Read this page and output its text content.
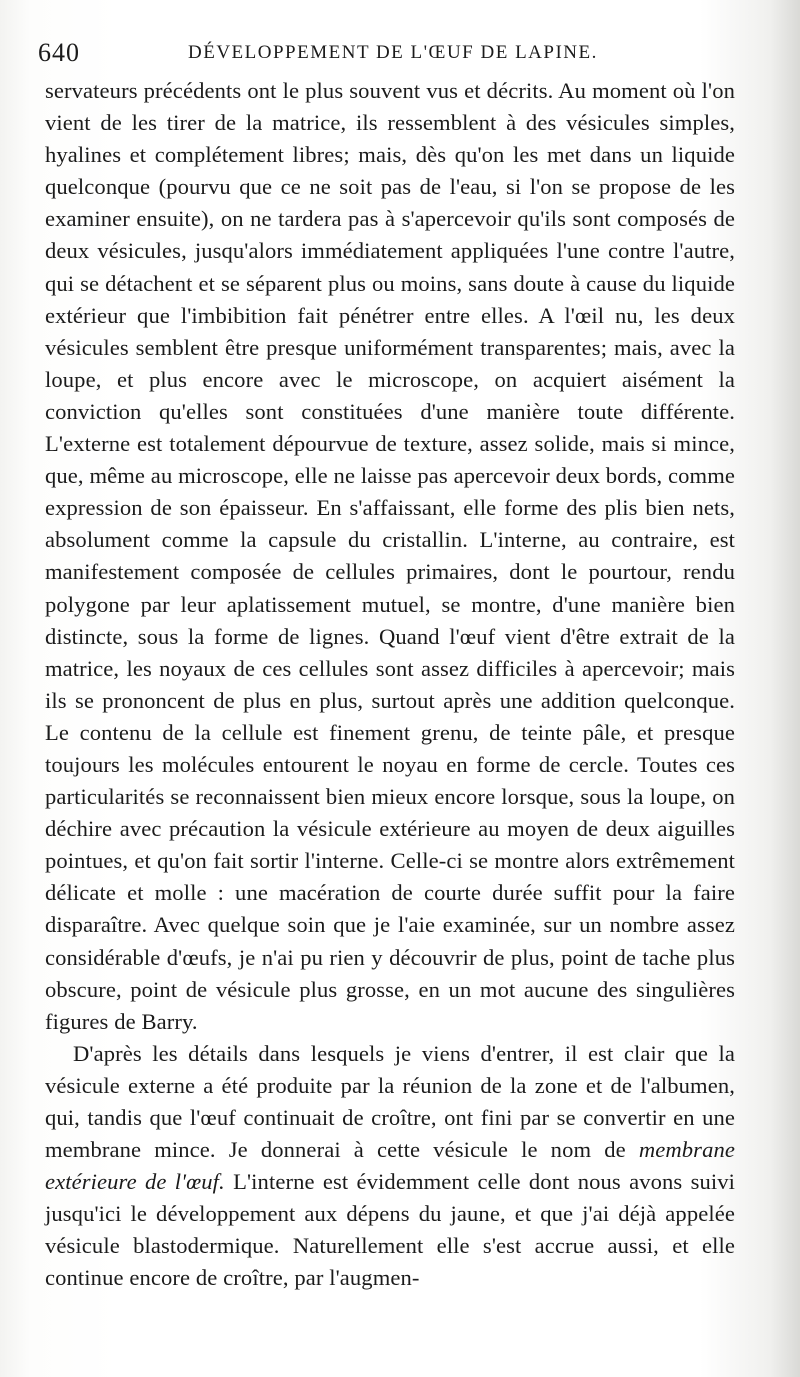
640	DÉVELOPPEMENT DE L'ŒUF DE LAPINE.

servateurs précédents ont le plus souvent vus et décrits. Au moment où l'on vient de les tirer de la matrice, ils ressemblent à des vésicules simples, hyalines et complétement libres; mais, dès qu'on les met dans un liquide quelconque (pourvu que ce ne soit pas de l'eau, si l'on se propose de les examiner ensuite), on ne tardera pas à s'apercevoir qu'ils sont composés de deux vésicules, jusqu'alors immédiatement appliquées l'une contre l'autre, qui se détachent et se séparent plus ou moins, sans doute à cause du liquide extérieur que l'imbibition fait pénétrer entre elles. A l'œil nu, les deux vésicules semblent être presque uniformément transparentes; mais, avec la loupe, et plus encore avec le microscope, on acquiert aisément la conviction qu'elles sont constituées d'une manière toute différente. L'externe est totalement dépourvue de texture, assez solide, mais si mince, que, même au microscope, elle ne laisse pas apercevoir deux bords, comme expression de son épaisseur. En s'affaissant, elle forme des plis bien nets, absolument comme la capsule du cristallin. L'interne, au contraire, est manifestement composée de cellules primaires, dont le pourtour, rendu polygone par leur aplatissement mutuel, se montre, d'une manière bien distincte, sous la forme de lignes. Quand l'œuf vient d'être extrait de la matrice, les noyaux de ces cellules sont assez difficiles à apercevoir; mais ils se prononcent de plus en plus, surtout après une addition quelconque. Le contenu de la cellule est finement grenu, de teinte pâle, et presque toujours les molécules entourent le noyau en forme de cercle. Toutes ces particularités se reconnaissent bien mieux encore lorsque, sous la loupe, on déchire avec précaution la vésicule extérieure au moyen de deux aiguilles pointues, et qu'on fait sortir l'interne. Celle-ci se montre alors extrêmement délicate et molle : une macération de courte durée suffit pour la faire disparaître. Avec quelque soin que je l'aie examinée, sur un nombre assez considérable d'œufs, je n'ai pu rien y découvrir de plus, point de tache plus obscure, point de vésicule plus grosse, en un mot aucune des singulières figures de Barry.

D'après les détails dans lesquels je viens d'entrer, il est clair que la vésicule externe a été produite par la réunion de la zone et de l'albumen, qui, tandis que l'œuf continuait de croître, ont fini par se convertir en une membrane mince. Je donnerai à cette vésicule le nom de membrane extérieure de l'œuf. L'interne est évidemment celle dont nous avons suivi jusqu'ici le développement aux dépens du jaune, et que j'ai déjà appelée vésicule blastodermique. Naturellement elle s'est accrue aussi, et elle continue encore de croître, par l'augmen-
